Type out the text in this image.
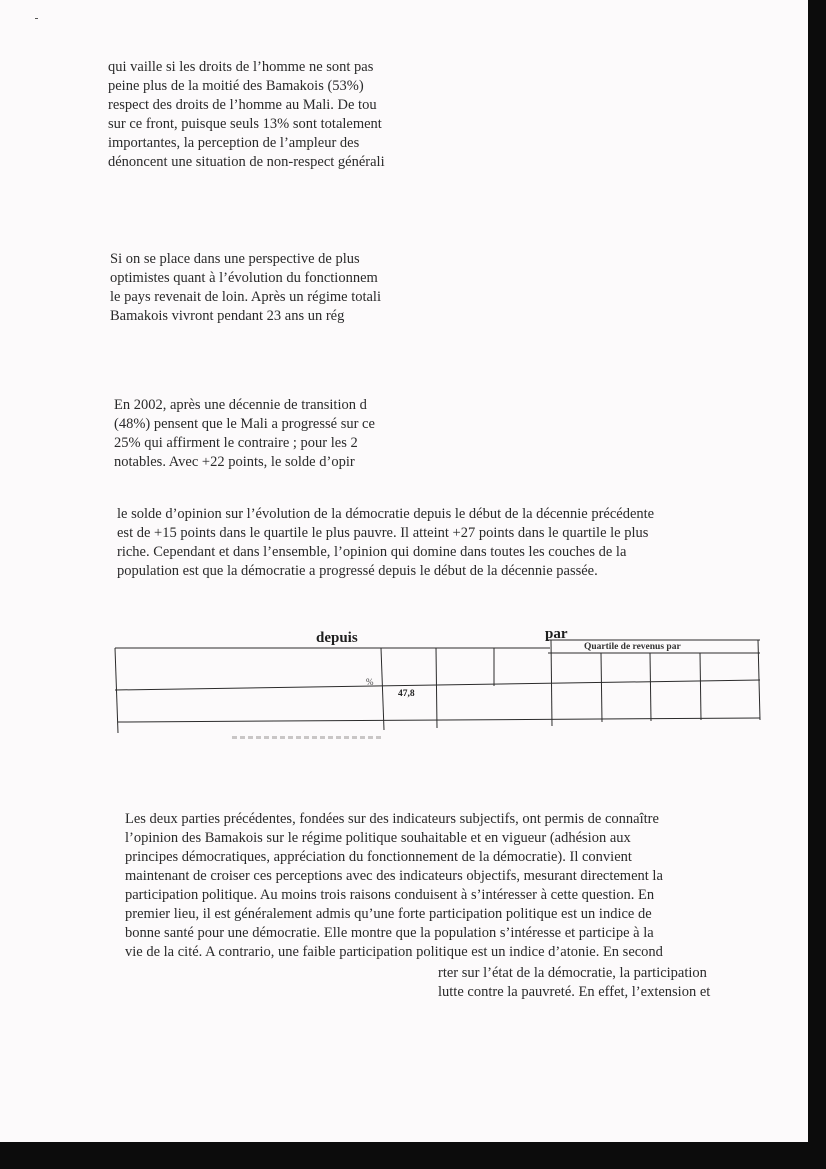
qui vaille si les droits de l’homme ne sont pas
peine plus de la moitié des Bamakois (53%)
respect des droits de l’homme au Mali. De tou
sur ce front, puisque seuls 13% sont totalement
importantes, la perception de l’ampleur des
dénoncent une situation de non-respect générali

Si on se place dans une perspective de plus
optimistes quant à l’évolution du fonctionnem
le pays revenait de loin. Après un régime totali
Bamakois vivront pendant 23 ans un rég

En 2002, après une décennie de transition d
(48%) pensent que le Mali a progressé sur ce
25% qui affirment le contraire ; pour les 2
notables. Avec +22 points, le solde d’opir

le solde d’opinion sur l’évolution de la démocratie depuis le début de la décennie précédente
est de +15 points dans le quartile le plus pauvre. Il atteint +27 points dans le quartile le plus
riche. Cependant et dans l’ensemble, l’opinion qui domine dans toutes les couches de la
population est que la démocratie a progressé depuis le début de la décennie passée.

depuis	par
Quartile de revenus par
%
47,8

Les deux parties précédentes, fondées sur des indicateurs subjectifs, ont permis de connaître
l’opinion des Bamakois sur le régime politique souhaitable et en vigueur (adhésion aux
principes démocratiques, appréciation du fonctionnement de la démocratie). Il convient
maintenant de croiser ces perceptions avec des indicateurs objectifs, mesurant directement la
participation politique. Au moins trois raisons conduisent à s’intéresser à cette question. En
premier lieu, il est généralement admis qu’une forte participation politique est un indice de
bonne santé pour une démocratie. Elle montre que la population s’intéresse et participe à la
vie de la cité. A contrario, une faible participation politique est un indice d’atonie. En second

rter sur l’état de la démocratie, la participation
lutte contre la pauvreté. En effet, l’extension et
